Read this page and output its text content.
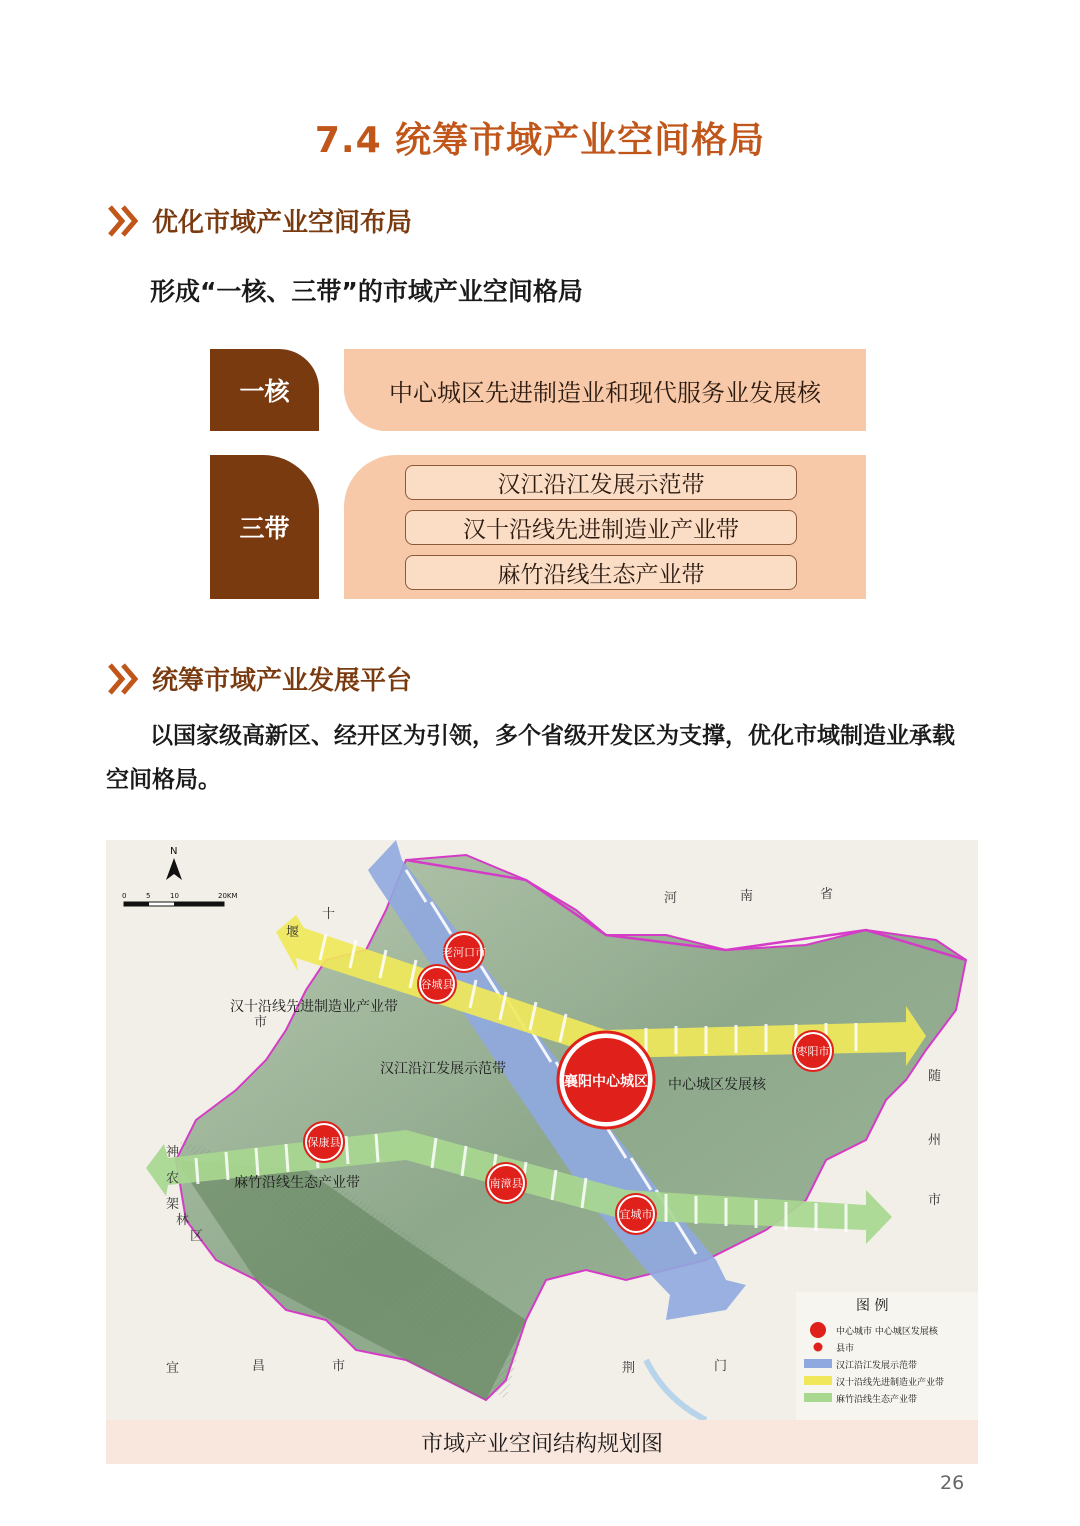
7.4 统筹市域产业空间格局
优化市域产业空间布局
形成“一核、三带”的市域产业空间格局
一核	中心城区先进制造业和现代服务业发展核
三带
汉江沿江发展示范带
汉十沿线先进制造业产业带
麻竹沿线生态产业带
统筹市域产业发展平台
以国家级高新区、经开区为引领，多个省级开发区为支撑，优化市域制造业承载空间格局。
襄阳中心城区
老河口市
谷城县
枣阳市
保康县
南漳县
宜城市
汉十沿线先进制造业产业带
汉江沿江发展示范带
麻竹沿线生态产业带
中心城区发展核
河	南	省
十
堰
市
随
州
市
神
农
架
林
区
宜	昌	市	荆	门
N
0	5	10	20KM
图 例
中心城市 中心城区发展核
县市
汉江沿江发展示范带
汉十沿线先进制造业产业带
麻竹沿线生态产业带
市域产业空间结构规划图
26
